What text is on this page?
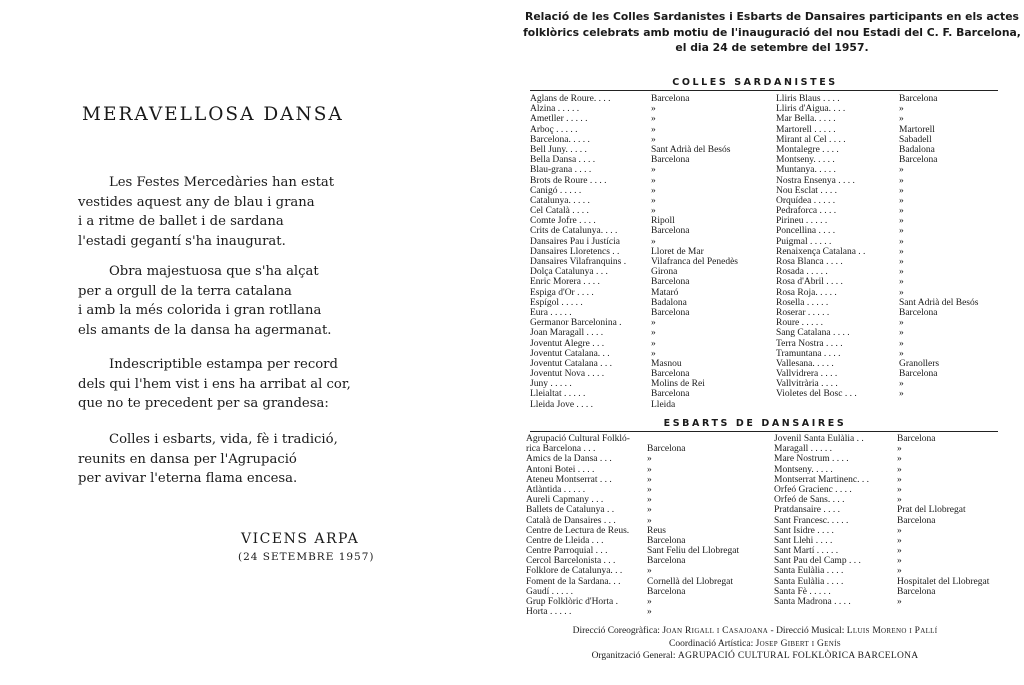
MERAVELLOSA DANSA
Les Festes Mercedàries han estat
vestides aquest any de blau i grana
i a ritme de ballet i de sardana
l'estadi gegantí s'ha inaugurat.
Obra majestuosa que s'ha alçat
per a orgull de la terra catalana
i amb la més colorida i gran rotllana
els amants de la dansa ha agermanat.
Indescriptible estampa per record
dels qui l'hem vist i ens ha arribat al cor,
que no te precedent per sa grandesa:
Colles i esbarts, vida, fè i tradició,
reunits en dansa per l'Agrupació
per avivar l'eterna flama encesa.
VICENS ARPA
(24 SETEMBRE 1957)
Relació de les Colles Sardanistes i Esbarts de Dansaires participants en els actes
folklòrics celebrats amb motiu de l'inauguració del nou Estadi del C. F. Barcelona,
el dia 24 de setembre del 1957.
COLLES SARDANISTES
Aglans de Roure. . . .	Barcelona
Alzina . . . . .	»
Ametller . . . . .	»
Arboç . . . . .	»
Barcelona. . . . .	»
Bell Juny. . . . .	Sant Adrià del Besós
Bella Dansa . . . .	Barcelona
Blau-grana . . . .	»
Brots de Roure . . . .	»
Canigó . . . . .	»
Catalunya. . . . .	»
Cel Català . . . .	»
Comte Jofre . . . .	Ripoll
Crits de Catalunya. . . .	Barcelona
Dansaires Pau i Justícia	»
Dansaires Lloretencs . .	Lloret de Mar
Dansaires Vilafranquins .	Vilafranca del Penedès
Dolça Catalunya . . .	Girona
Enric Morera . . . .	Barcelona
Espiga d'Or . . . .	Mataró
Espígol . . . . .	Badalona
Eura . . . . .	Barcelona
Germanor Barcelonina .	»
Joan Maragall . . . .	»
Joventut Alegre . . .	»
Joventut Catalana. . .	»
Joventut Catalana . . .	Masnou
Joventut Nova . . . .	Barcelona
Juny . . . . .	Molins de Rei
Lleialtat . . . . .	Barcelona
Lleida Jove . . . .	Lleida
Lliris Blaus . . . .	Barcelona
Lliris d'Aigua. . . .	»
Mar Bella. . . . .	»
Martorell . . . . .	Martorell
Mirant al Cel . . . .	Sabadell
Montalegre . . . .	Badalona
Montseny. . . . .	Barcelona
Muntanya. . . . .	»
Nostra Ensenya . . . .	»
Nou Esclat . . . .	»
Orquídea . . . . .	»
Pedraforca . . . .	»
Pirineu . . . . .	»
Poncellina . . . .	»
Puigmal . . . . .	»
Renaixença Catalana . .	»
Rosa Blanca . . . .	»
Rosada . . . . .	»
Rosa d'Abril . . . .	»
Rosa Roja. . . . .	»
Rosella . . . . .	Sant Adrià del Besós
Roserar . . . . .	Barcelona
Roure . . . . .	»
Sang Catalana . . . .	»
Terra Nostra . . . .	»
Tramuntana . . . .	»
Vallesana. . . . .	Granollers
Vallvidrera . . . .	Barcelona
Vallvitrària . . . .	»
Violetes del Bosc . . .	»
ESBARTS DE DANSAIRES
Agrupació Cultural Folkló-
rica Barcelona . . .	Barcelona
Amics de la Dansa . . .	»
Antoni Botei . . . .	»
Ateneu Montserrat . . .	»
Atlàntida . . . . .	»
Aureli Capmany . . .	»
Ballets de Catalunya . .	»
Català de Dansaires . . .	»
Centre de Lectura de Reus.	Reus
Centre de Lleida . . .	Barcelona
Centre Parroquial . . .	Sant Feliu del Llobregat
Cercol Barcelonista . . .	Barcelona
Folklore de Catalunya. . .	»
Foment de la Sardana. . .	Cornellà del Llobregat
Gaudí . . . . .	Barcelona
Grup Folklòric d'Horta .	»
Horta . . . . .	»
Jovenil Santa Eulàlia . .	Barcelona
Maragall . . . . .	»
Mare Nostrum . . . .	»
Montseny. . . . .	»
Montserrat Martinenc. . .	»
Orfeó Gracienc . . . .	»
Orfeó de Sans. . . .	»
Pratdansaire . . . .	Prat del Llobregat
Sant Francesc. . . . .	Barcelona
Sant Isidre . . . .	»
Sant Llehi . . . .	»
Sant Martí . . . . .	»
Sant Pau del Camp . . .	»
Santa Eulàlia . . . .	»
Santa Eulàlia . . . .	Hospitalet del Llobregat
Santa Fè . . . . .	Barcelona
Santa Madrona . . . .	»
Direcció Coreogràfica: Joan Rigall i Casajoana - Direcció Musical: Lluis Moreno i Pallí
Coordinació Artística: Josep Gibert i Genís
Organització General: AGRUPACIÓ CULTURAL FOLKLÒRICA BARCELONA
